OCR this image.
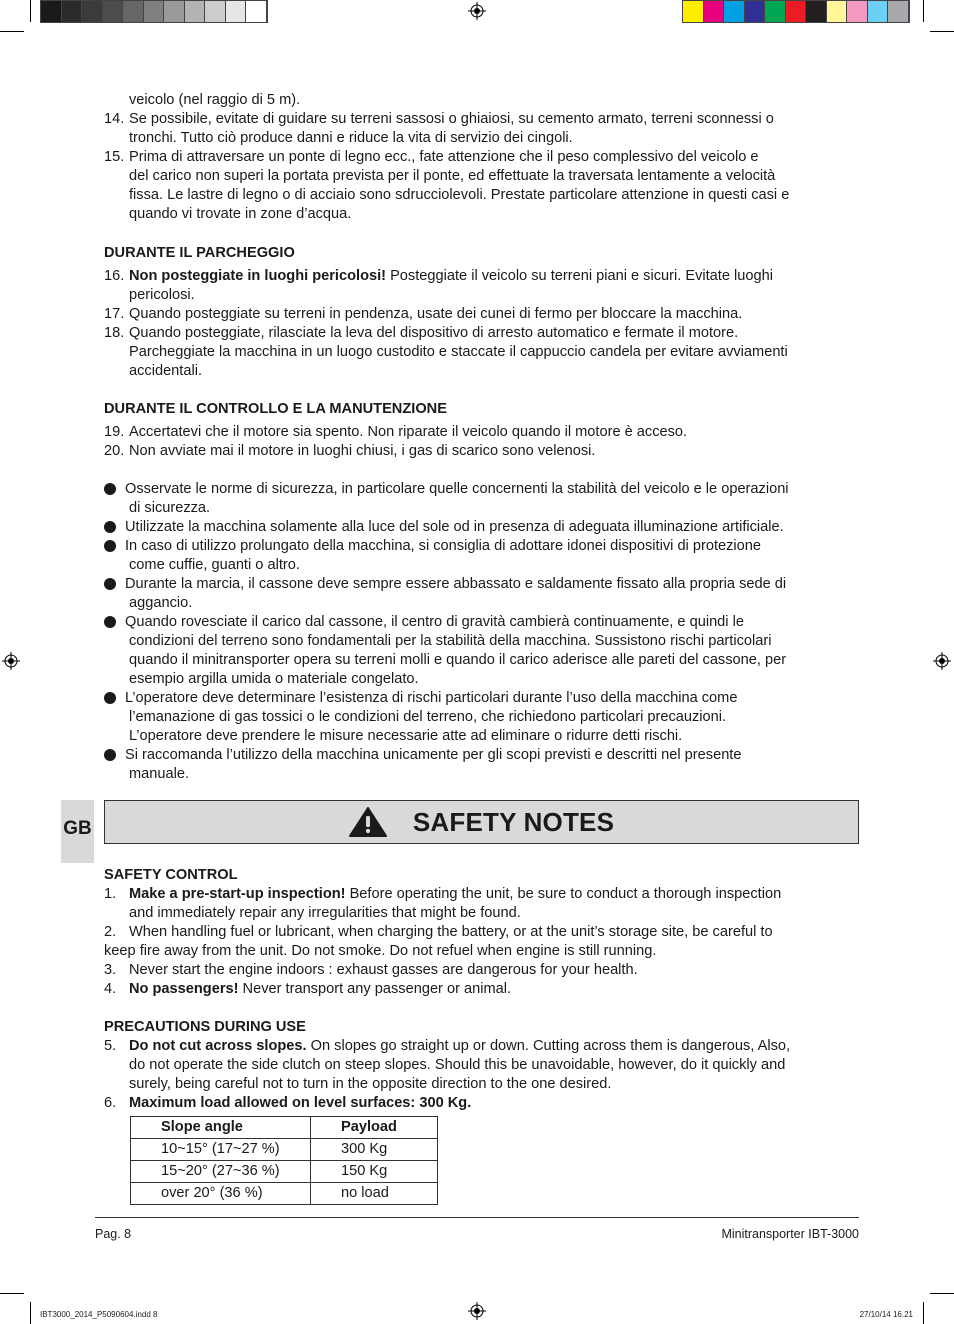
veicolo (nel raggio di 5 m).
14. Se possibile, evitate di guidare su terreni sassosi o ghiaiosi, su cemento armato, terreni sconnessi o
tronchi. Tutto ciò produce danni e riduce la vita di servizio dei cingoli.
15. Prima di attraversare un ponte di legno ecc., fate attenzione che il peso complessivo del veicolo e
del carico non superi la portata prevista per il ponte, ed effettuate la traversata lentamente a velocità
fissa. Le lastre di legno o di acciaio sono sdrucciolevoli. Prestate particolare attenzione in questi casi e
quando vi trovate in zone d’acqua.
DURANTE IL PARCHEGGIO
16. Non posteggiate in luoghi pericolosi! Posteggiate il veicolo su terreni piani e sicuri. Evitate luoghi
pericolosi.
17. Quando posteggiate su terreni in pendenza, usate dei cunei di fermo per bloccare la macchina.
18. Quando posteggiate, rilasciate la leva del dispositivo di arresto automatico e fermate il motore.
Parcheggiate la macchina in un luogo custodito e staccate il cappuccio candela per evitare avviamenti
accidentali.
DURANTE IL CONTROLLO E LA MANUTENZIONE
19. Accertatevi che il motore sia spento. Non riparate il veicolo quando il motore è acceso.
20. Non avviate mai il motore in luoghi chiusi, i gas di scarico sono velenosi.
Osservate le norme di sicurezza, in particolare quelle concernenti la stabilità del veicolo e le operazioni
di sicurezza.
Utilizzate la macchina solamente alla luce del sole od in presenza di adeguata illuminazione artificiale.
In caso di utilizzo prolungato della macchina, si consiglia di adottare idonei dispositivi di protezione
come cuffie, guanti o altro.
Durante la marcia, il cassone deve sempre essere abbassato e saldamente fissato alla propria sede di
aggancio.
Quando rovesciate il carico dal cassone, il centro di gravità cambierà continuamente, e quindi le
condizioni del terreno sono fondamentali per la stabilità della macchina. Sussistono rischi particolari
quando il minitransporter opera su terreni molli e quando il carico aderisce alle pareti del cassone, per
esempio argilla umida o materiale congelato.
L’operatore deve determinare l’esistenza di rischi particolari durante l’uso della macchina come
l’emanazione di gas tossici o le condizioni del terreno, che richiedono particolari precauzioni.
L’operatore deve prendere le misure necessarie atte ad eliminare o ridurre detti rischi.
Si raccomanda l’utilizzo della macchina unicamente per gli scopi previsti e descritti nel presente
manuale.
GB	SAFETY NOTES
SAFETY CONTROL
1. Make a pre-start-up inspection! Before operating the unit, be sure to conduct a thorough inspection
and immediately repair any irregularities that might be found.
2. When handling fuel or lubricant, when charging the battery, or at the unit’s storage site, be careful to
keep fire away from the unit. Do not smoke. Do not refuel when engine is still running.
3. Never start the engine indoors : exhaust gasses are dangerous for your health.
4. No passengers! Never transport any passenger or animal.
PRECAUTIONS DURING USE
5. Do not cut across slopes. On slopes go straight up or down. Cutting across them is dangerous, Also,
do not operate the side clutch on steep slopes. Should this be unavoidable, however, do it quickly and
surely, being careful not to turn in the opposite direction to the one desired.
6. Maximum load allowed on level surfaces: 300 Kg.
Slope angle	Payload
10~15° (17~27 %)	300 Kg
15~20° (27~36 %)	150 Kg
over 20° (36 %)	no load
Pag. 8	Minitransporter IBT-3000
IBT3000_2014_P5090604.indd 8	27/10/14 16.21
